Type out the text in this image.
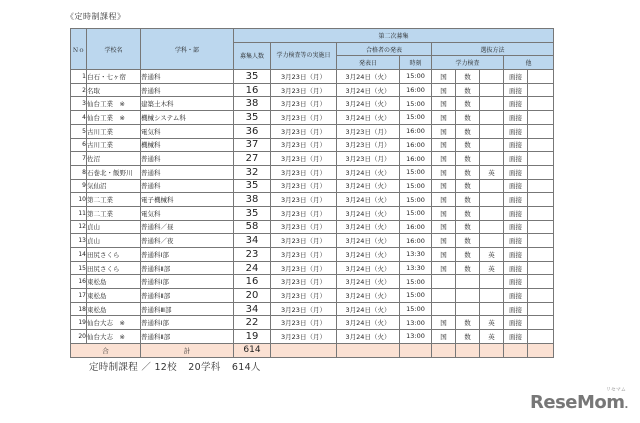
《定時制課程》
Ｎｏ	学校名	学科・部	第二次募集								
			募集人数	学力検査等の実施日	合格者の発表		選抜方法				
					発表日	時刻	学力検査			他	
1	白石・七ヶ宿	普通科	35	3月23日（月）	3月24日（火）	15:00	国	数		面接	
2	名取	普通科	16	3月23日（月）	3月24日（火）	16:00	国	数		面接	
3	仙台工業　※	建築土木科	38	3月23日（月）	3月24日（火）	15:00	国	数		面接	
4	仙台工業　※	機械システム科	35	3月23日（月）	3月24日（火）	15:00	国	数		面接	
5	古川工業	電気科	36	3月23日（月）	3月23日（月）	16:00	国	数		面接	
6	古川工業	機械科	37	3月23日（月）	3月23日（月）	16:00	国	数		面接	
7	佐沼	普通科	27	3月23日（月）	3月23日（月）	16:00	国	数		面接	
8	石巻北・飯野川	普通科	32	3月23日（月）	3月24日（火）	15:00	国	数	英	面接	
9	気仙沼	普通科	35	3月23日（月）	3月24日（火）	15:00	国	数		面接	
10	第二工業	電子機械科	38	3月23日（月）	3月24日（火）	15:00	国	数		面接	
11	第二工業	電気科	35	3月23日（月）	3月24日（火）	15:00	国	数		面接	
12	貞山	普通科／昼	58	3月23日（月）	3月24日（火）	16:00	国	数		面接	
13	貞山	普通科／夜	34	3月23日（月）	3月24日（火）	16:00	国	数		面接	
14	田尻さくら	普通科Ⅰ部	23	3月23日（月）	3月24日（火）	13:30	国	数	英	面接	
15	田尻さくら	普通科Ⅱ部	24	3月23日（月）	3月24日（火）	13:30	国	数	英	面接	
16	東松島	普通科Ⅰ部	16	3月23日（月）	3月24日（火）	15:00				面接	
17	東松島	普通科Ⅱ部	20	3月23日（月）	3月24日（火）	15:00				面接	
18	東松島	普通科Ⅲ部	34	3月23日（月）	3月24日（火）	15:00				面接	
19	仙台大志　※	普通科Ⅰ部	22	3月23日（月）	3月24日（火）	13:00	国	数	英	面接	
20	仙台大志　※	普通科Ⅱ部	19	3月23日（月）	3月24日（火）	13:00	国	数	英	面接	
合		計	614								
定時制課程 ／ 12校 20学科 614人
ReseMom.
リセマム
